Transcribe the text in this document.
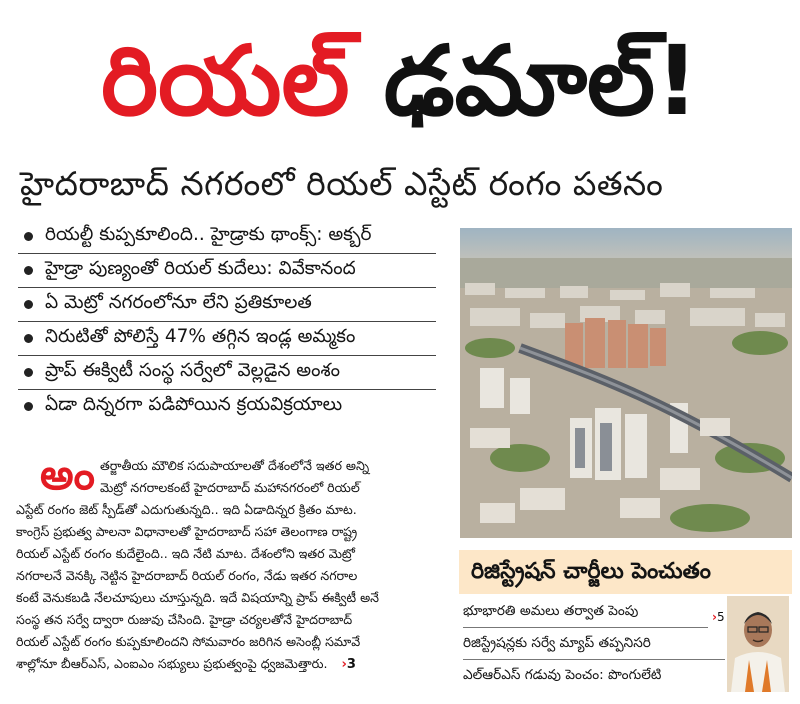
రియల్ ఢమాల్!
హైదరాబాద్ నగరంలో రియల్ ఎస్టేట్ రంగం పతనం
రియల్టీ కుప్పకూలింది.. హైడ్రాకు థాంక్స్: అక్బర్
హైడ్రా పుణ్యంతో రియల్ కుదేలు: వివేకానంద
ఏ మెట్రో నగరంలోనూ లేని ప్రతికూలత
నిరుటితో పోలిస్తే 47% తగ్గిన ఇండ్ల అమ్మకం
ప్రాప్ ఈక్విటీ సంస్థ సర్వేలో వెల్లడైన అంశం
ఏడా దిన్నరగా పడిపోయిన క్రయవిక్రయాలు
అం తర్జాతీయ మౌలిక సదుపాయాలతో దేశంలోనే ఇతర అన్ని
మెట్రో నగరాలకంటే హైదరాబాద్ మహానగరంలో రియల్
ఎస్టేట్ రంగం జెట్ స్పీడ్‌తో ఎదుగుతున్నది.. ఇది ఏడాదిన్నర క్రితం మాట.
కాంగ్రెస్ ప్రభుత్వ పాలనా విధానాలతో హైదరాబాద్ సహా తెలంగాణ రాష్ట్ర
రియల్ ఎస్టేట్ రంగం కుదేలైంది.. ఇది నేటి మాట. దేశంలోని ఇతర మెట్రో
నగరాలనే వెనక్కి నెట్టిన హైదరాబాద్ రియల్ రంగం, నేడు ఇతర నగరాల
కంటే వెనుకబడి నేలచూపులు చూస్తున్నది. ఇదే విషయాన్ని ప్రాప్ ఈక్విటీ అనే
సంస్థ తన సర్వే ద్వారా రుజువు చేసింది. హైడ్రా చర్యలతోనే హైదరాబాద్
రియల్ ఎస్టేట్ రంగం కుప్పకూలిందని సోమవారం జరిగిన అసెంబ్లీ సమావే
శాల్లోనూ బీఆర్‌ఎస్, ఎంఐఎం సభ్యులు ప్రభుత్వంపై ధ్వజమెత్తారు. ›3
రిజిస్ట్రేషన్ చార్జీలు పెంచుతం
భూభారతి అమలు తర్వాత పెంపు	›5
రిజిస్ట్రేషన్లకు సర్వే మ్యాప్ తప్పనిసరి
ఎల్‌ఆర్‌ఎస్ గడువు పెంచం: పొంగులేటి
